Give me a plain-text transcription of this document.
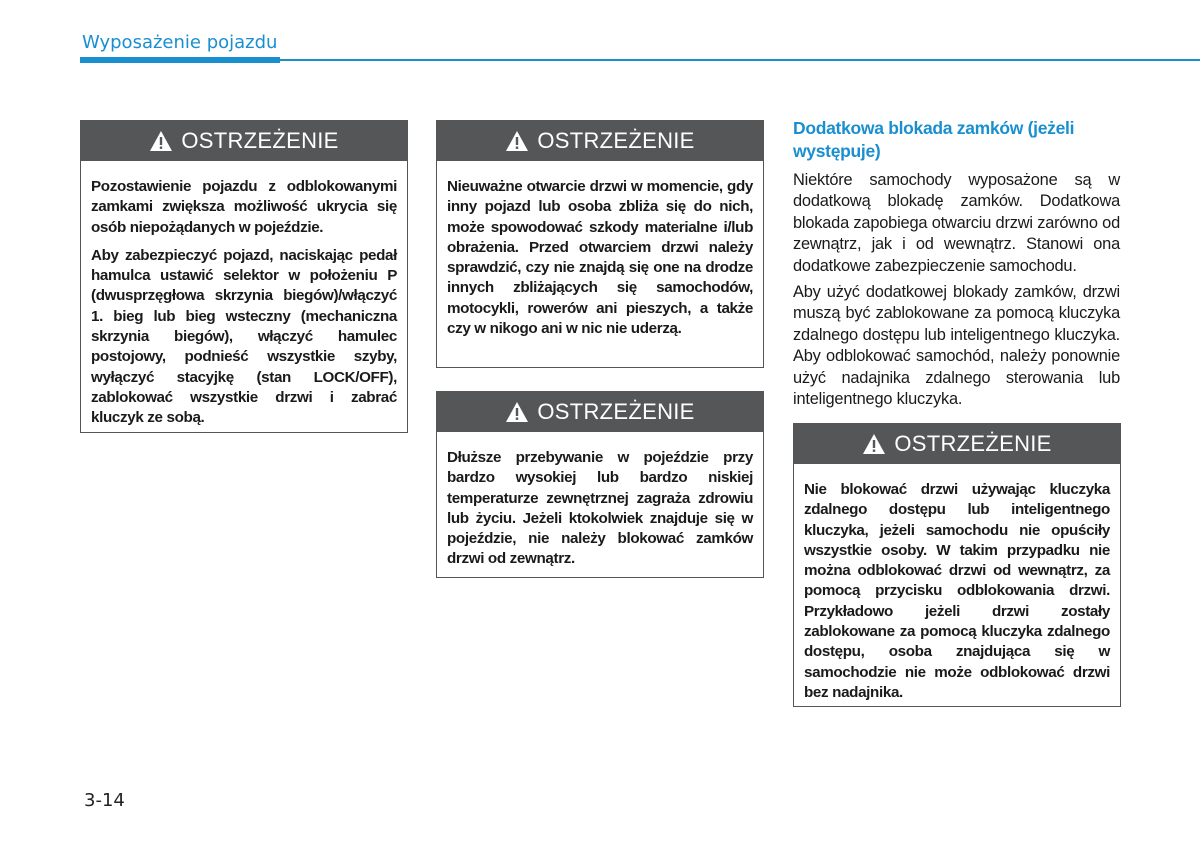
Wyposażenie pojazdu
OSTRZEŻENIE

Pozostawienie pojazdu z odblokowanymi zamkami zwiększa możliwość ukrycia się osób niepożądanych w pojeździe.

Aby zabezpieczyć pojazd, naciskając pedał hamulca ustawić selektor w położeniu P (dwusprzęgłowa skrzynia biegów)/włączyć 1. bieg lub bieg wsteczny (mechaniczna skrzynia biegów), włączyć hamulec postojowy, podnieść wszystkie szyby, wyłączyć stacyjkę (stan LOCK/OFF), zablokować wszystkie drzwi i zabrać kluczyk ze sobą.

OSTRZEŻENIE

Nieuważne otwarcie drzwi w momencie, gdy inny pojazd lub osoba zbliża się do nich, może spowodować szkody materialne i/lub obrażenia. Przed otwarciem drzwi należy sprawdzić, czy nie znajdą się one na drodze innych zbliżających się samochodów, motocykli, rowerów ani pieszych, a także czy w nikogo ani w nic nie uderzą.

OSTRZEŻENIE

Dłuższe przebywanie w pojeździe przy bardzo wysokiej lub bardzo niskiej temperaturze zewnętrznej zagraża zdrowiu lub życiu. Jeżeli ktokolwiek znajduje się w pojeździe, nie należy blokować zamków drzwi od zewnątrz.

Dodatkowa blokada zamków (jeżeli występuje)

Niektóre samochody wyposażone są w dodatkową blokadę zamków. Dodatkowa blokada zapobiega otwarciu drzwi zarówno od zewnątrz, jak i od wewnątrz. Stanowi ona dodatkowe zabezpieczenie samochodu.

Aby użyć dodatkowej blokady zamków, drzwi muszą być zablokowane za pomocą kluczyka zdalnego dostępu lub inteligentnego kluczyka. Aby odblokować samochód, należy ponownie użyć nadajnika zdalnego sterowania lub inteligentnego kluczyka.

OSTRZEŻENIE

Nie blokować drzwi używając kluczyka zdalnego dostępu lub inteligentnego kluczyka, jeżeli samochodu nie opuściły wszystkie osoby. W takim przypadku nie można odblokować drzwi od wewnątrz, za pomocą przycisku odblokowania drzwi. Przykładowo jeżeli drzwi zostały zablokowane za pomocą kluczyka zdalnego dostępu, osoba znajdująca się w samochodzie nie może odblokować drzwi bez nadajnika.

3-14
